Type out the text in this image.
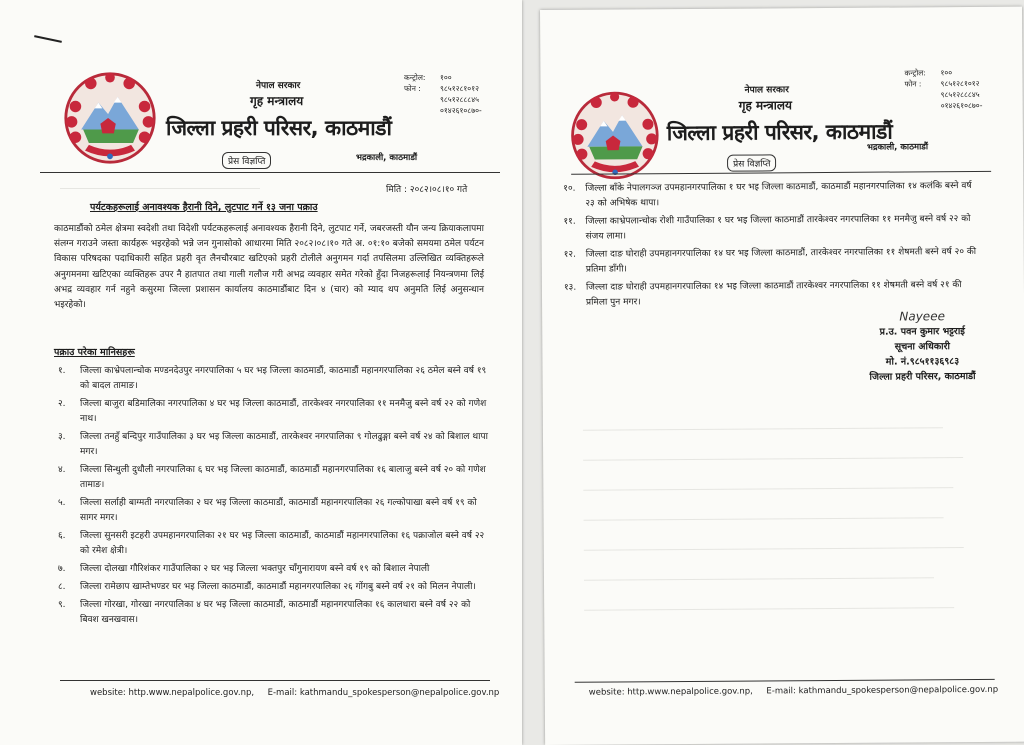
नेपाल सरकार
गृह मन्त्रालय
जिल्ला प्रहरी परिसर, काठमाडौं
भद्रकाली, काठमाडौं
प्रेस विज्ञप्ति
कन्ट्रोल:	१००
फोन :	९८५१२८१०१२
९८५१२८८८४५
०१४२६१०८७०-
मिति : २०८२।०८।१० गते
पर्यटकहरूलाई अनावश्यक हैरानी दिने, लुटपाट गर्ने १३ जना पक्राउ
काठमाडौंको ठमेल क्षेत्रमा स्वदेशी तथा विदेशी पर्यटकहरूलाई अनावश्यक हैरानी दिने, लुटपाट गर्ने, जबरजस्ती यौन जन्य क्रियाकलापमा संलग्न गराउने जस्ता कार्यहरू भइरहेको भन्ने जन गुनासोको आधारमा मिति २०८२।०८।१० गते अ. ०१:१० बजेको समयमा ठमेल पर्यटन विकास परिषदका पदाधिकारी सहित प्रहरी वृत लैनचौरबाट खटिएको प्रहरी टोलीले अनुगमन गर्दा तपसिलमा उल्लिखित व्यक्तिहरूले अनुगमनमा खटिएका व्यक्तिहरू उपर नै हातपात तथा गाली गलौज गरी अभद्र व्यवहार समेत गरेको हुँदा निजहरूलाई नियन्त्रणमा लिई अभद्र व्यवहार गर्न नहुने कसुरमा जिल्ला प्रशासन कार्यालय काठमाडौंबाट दिन ४ (चार) को म्याद थप अनुमति लिई अनुसन्धान भइरहेको।
पक्राउ परेका मानिसहरू
१.	जिल्ला काभ्रेपलान्चोक मण्डनदेउपुर नगरपालिका ५ घर भइ जिल्ला काठमाडौं, काठमाडौं महानगरपालिका २६ ठमेल बस्ने वर्ष १९ को बादल तामाङ।
२.	जिल्ला बाजुरा बडिमालिका नगरपालिका ४ घर भइ जिल्ला काठमाडौं, तारकेश्वर नगरपालिका ११ मनमैजु बस्ने वर्ष २२ को गणेश नाथ।
३.	जिल्ला तनहुँ बन्दिपुर गाउँपालिका ३ घर भइ जिल्ला काठमाडौं, तारकेश्वर नगरपालिका ९ गोलढुङ्गा बस्ने वर्ष २४ को बिशाल थापा मगर।
४.	जिल्ला सिन्धुली दुधौली नगरपालिका ६ घर भइ जिल्ला काठमाडौं, काठमाडौं महानगरपालिका १६ बालाजु बस्ने वर्ष २० को गणेश तामाङ।
५.	जिल्ला सर्लाही बाग्मती नगरपालिका २ घर भइ जिल्ला काठमाडौं, काठमाडौं महानगरपालिका २६ गल्कोपाखा बस्ने वर्ष १९ को सागर मगर।
६.	जिल्ला सुनसरी इटहरी उपमहानगरपालिका २१ घर भइ जिल्ला काठमाडौं, काठमाडौं महानगरपालिका १६ पक्राजोल बस्ने वर्ष २२ को रमेश क्षेत्री।
७.	जिल्ला दोलखा गौरिशंकर गाउँपालिका २ घर भइ जिल्ला भक्तपुर चाँगुनारायण बस्ने वर्ष १९ को बिशाल नेपाली
८.	जिल्ला रामेछाप खाम्तेभण्डर घर भइ जिल्ला काठमाडौं, काठमाडौं महानगरपालिका २६ गोंगबु बस्ने वर्ष २१ को मिलन नेपाली।
९.	जिल्ला गोरखा, गोरखा नगरपालिका ४ घर भइ जिल्ला काठमाडौं, काठमाडौं महानगरपालिका १६ कालधारा बस्ने वर्ष २२ को बिवश खनखवास।
website: http.www.nepalpolice.gov.np, E-mail: kathmandu_spokesperson@nepalpolice.gov.np
नेपाल सरकार
गृह मन्त्रालय
जिल्ला प्रहरी परिसर, काठमाडौं
भद्रकाली, काठमाडौं
प्रेस विज्ञप्ति
कन्ट्रोल:	१००
फोन :	९८५१२८१०१२
९८५१२८८८४५
०१४२६१०८७०-
१०.	जिल्ला बाँके नेपालगञ्ज उपमहानगरपालिका १ घर भइ जिल्ला काठमाडौं, काठमाडौं महानगरपालिका १४ कलंकि बस्ने वर्ष २३ को अभिषेक थापा।
११.	जिल्ला काभ्रेपलान्चोक रोशी गाउँपालिका १ घर भइ जिल्ला काठमाडौं तारकेश्वर नगरपालिका ११ मनमैजु बस्ने वर्ष २२ को संजय लामा।
१२.	जिल्ला दाङ घोराही उपमहानगरपालिका १४ घर भइ जिल्ला काठमाडौं, तारकेश्वर नगरपालिका ११ शेषमती बस्ने वर्ष २० की प्रतिमा डाँगी।
१३.	जिल्ला दाङ घोराही उपमहानगरपालिका १४ भइ जिल्ला काठमाडौं तारकेश्वर नगरपालिका ११ शेषमती बस्ने वर्ष २१ की प्रमिला पुन मगर।
Nayeee
प्र.उ. पवन कुमार भट्टराई
सूचना अधिकारी
मो. नं.९८५११३६९८३
जिल्ला प्रहरी परिसर, काठमाडौं
website: http.www.nepalpolice.gov.np, E-mail: kathmandu_spokesperson@nepalpolice.gov.np
